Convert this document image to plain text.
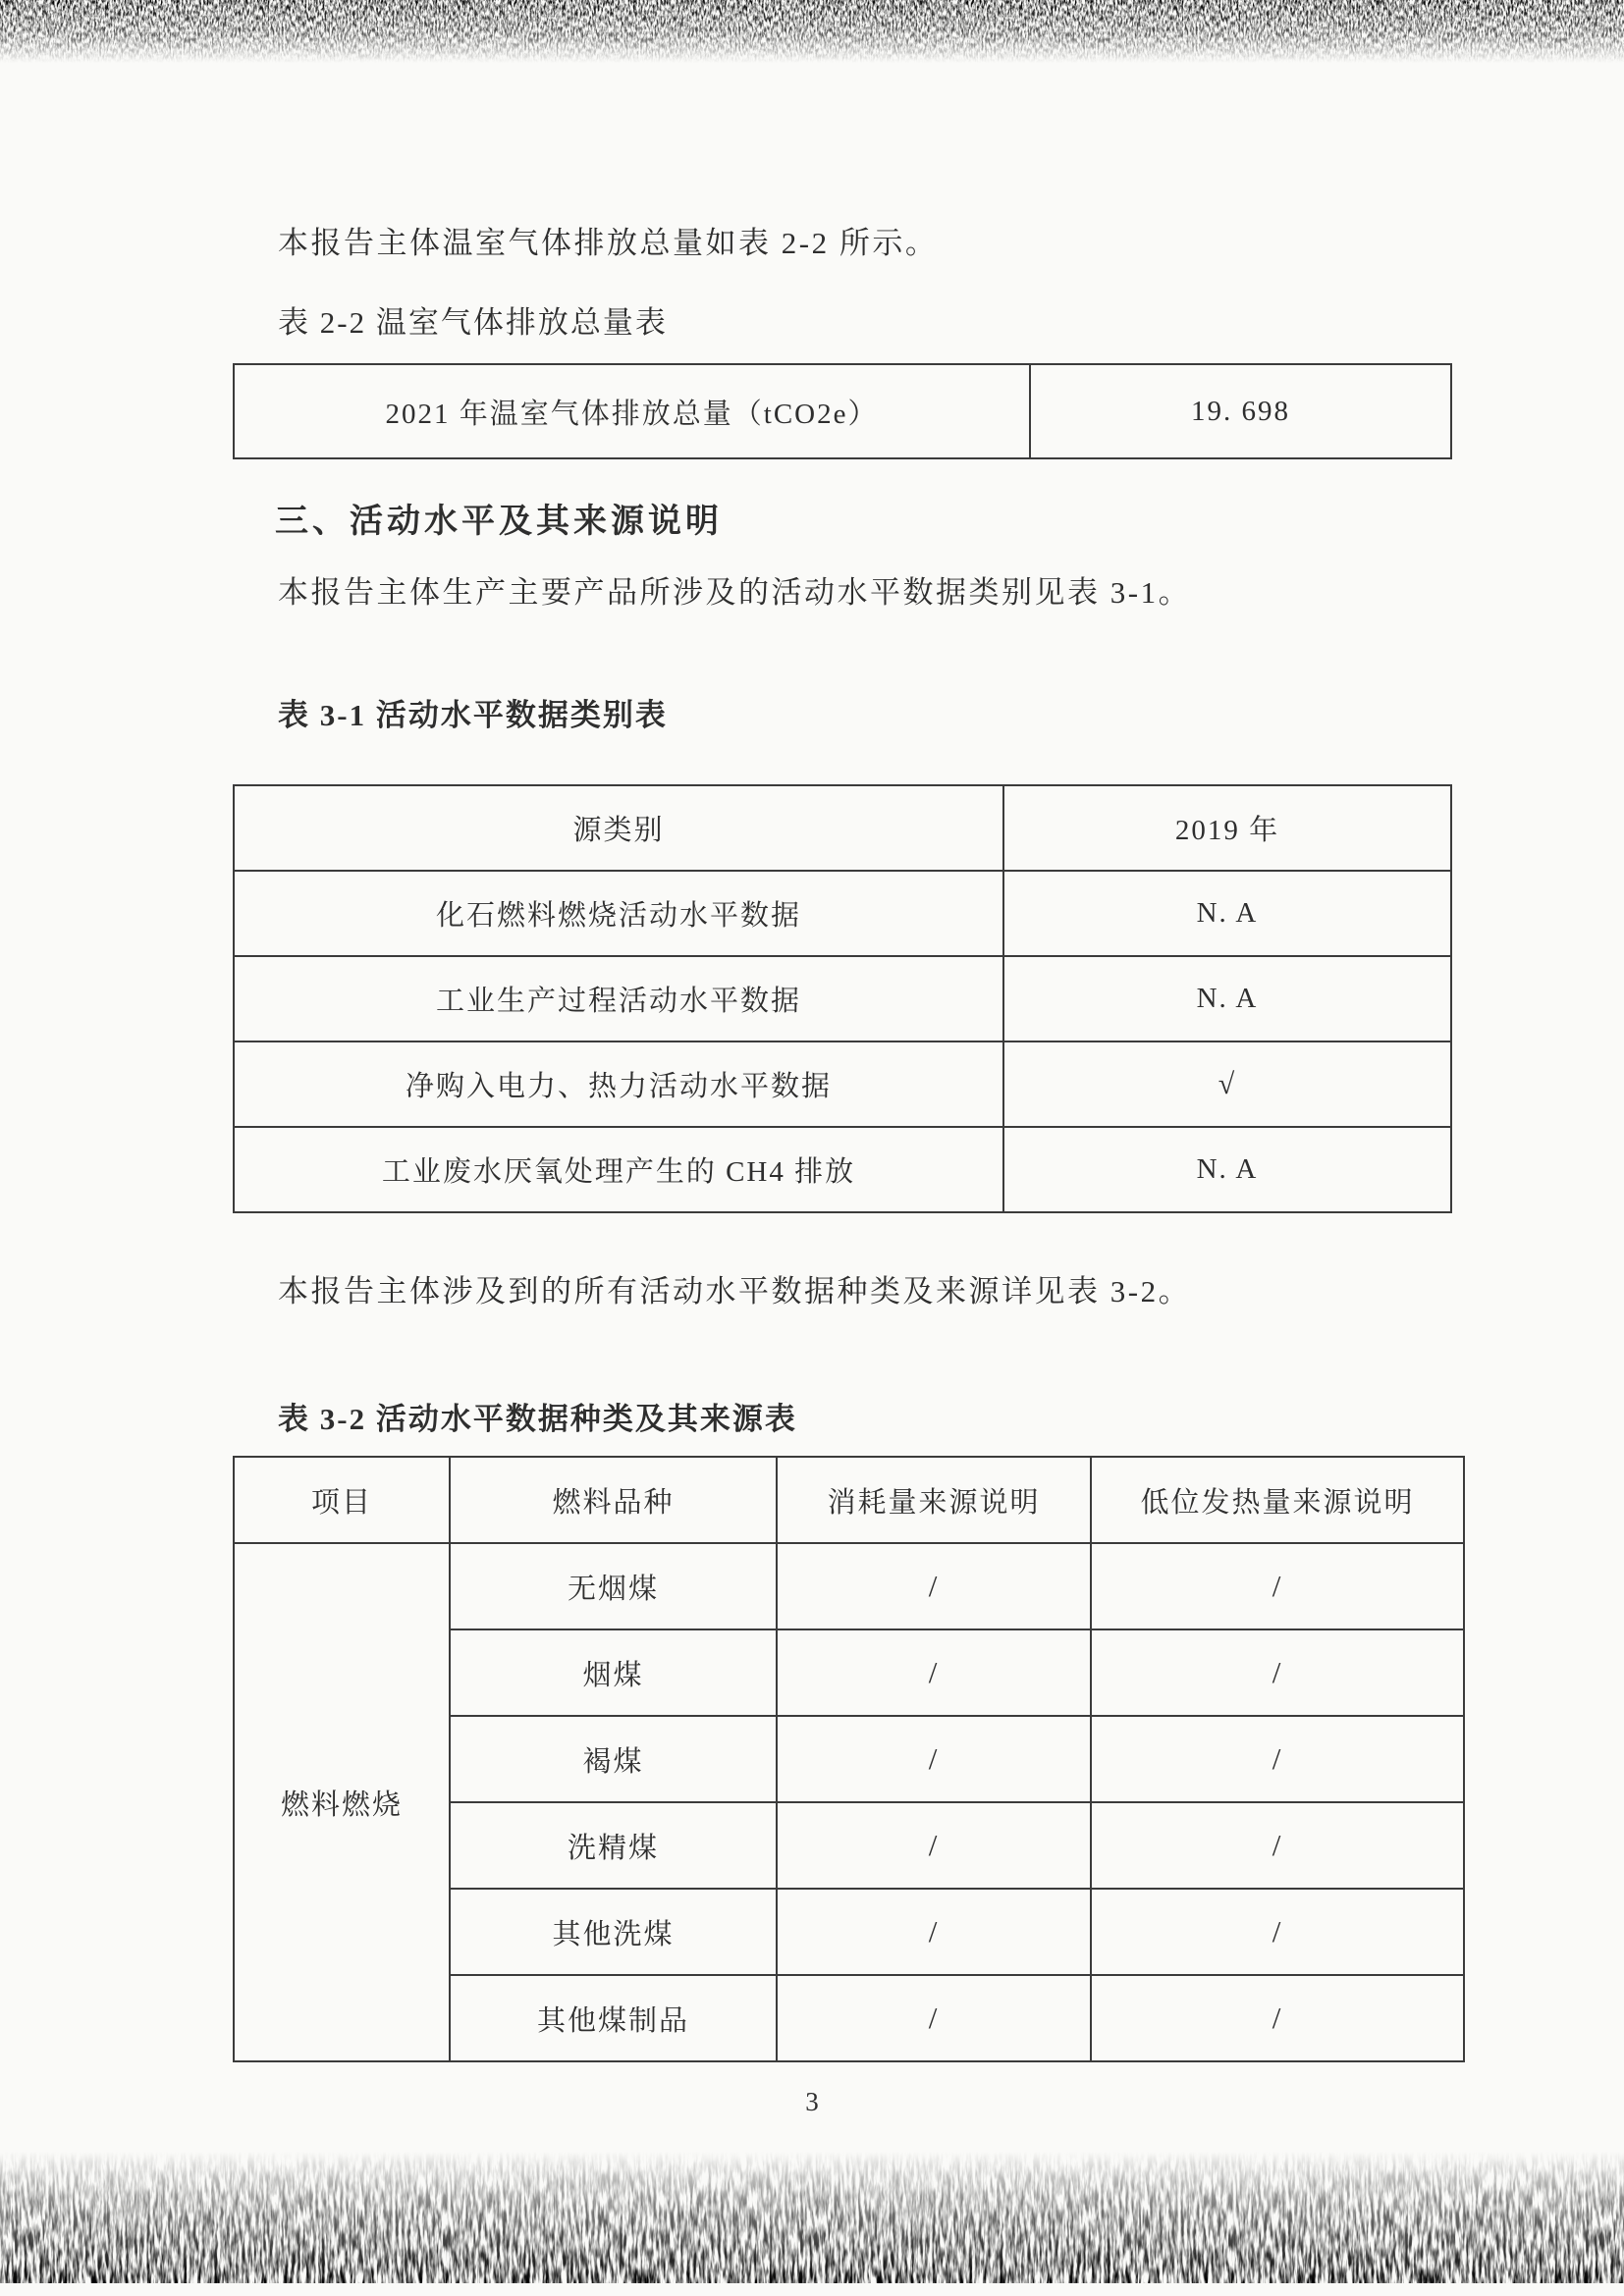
本报告主体温室气体排放总量如表 2-2 所示。
表 2-2 温室气体排放总量表
2021 年温室气体排放总量（tCO2e）	19. 698
三、活动水平及其来源说明
本报告主体生产主要产品所涉及的活动水平数据类别见表 3-1。
表 3-1 活动水平数据类别表
源类别	2019 年
化石燃料燃烧活动水平数据	N. A
工业生产过程活动水平数据	N. A
净购入电力、热力活动水平数据	√
工业废水厌氧处理产生的 CH4 排放	N. A
本报告主体涉及到的所有活动水平数据种类及来源详见表 3-2。
表 3-2 活动水平数据种类及其来源表
项目	燃料品种	消耗量来源说明	低位发热量来源说明
燃料燃烧	无烟煤	/	/
	烟煤	/	/
	褐煤	/	/
	洗精煤	/	/
	其他洗煤	/	/
	其他煤制品	/	/
3
